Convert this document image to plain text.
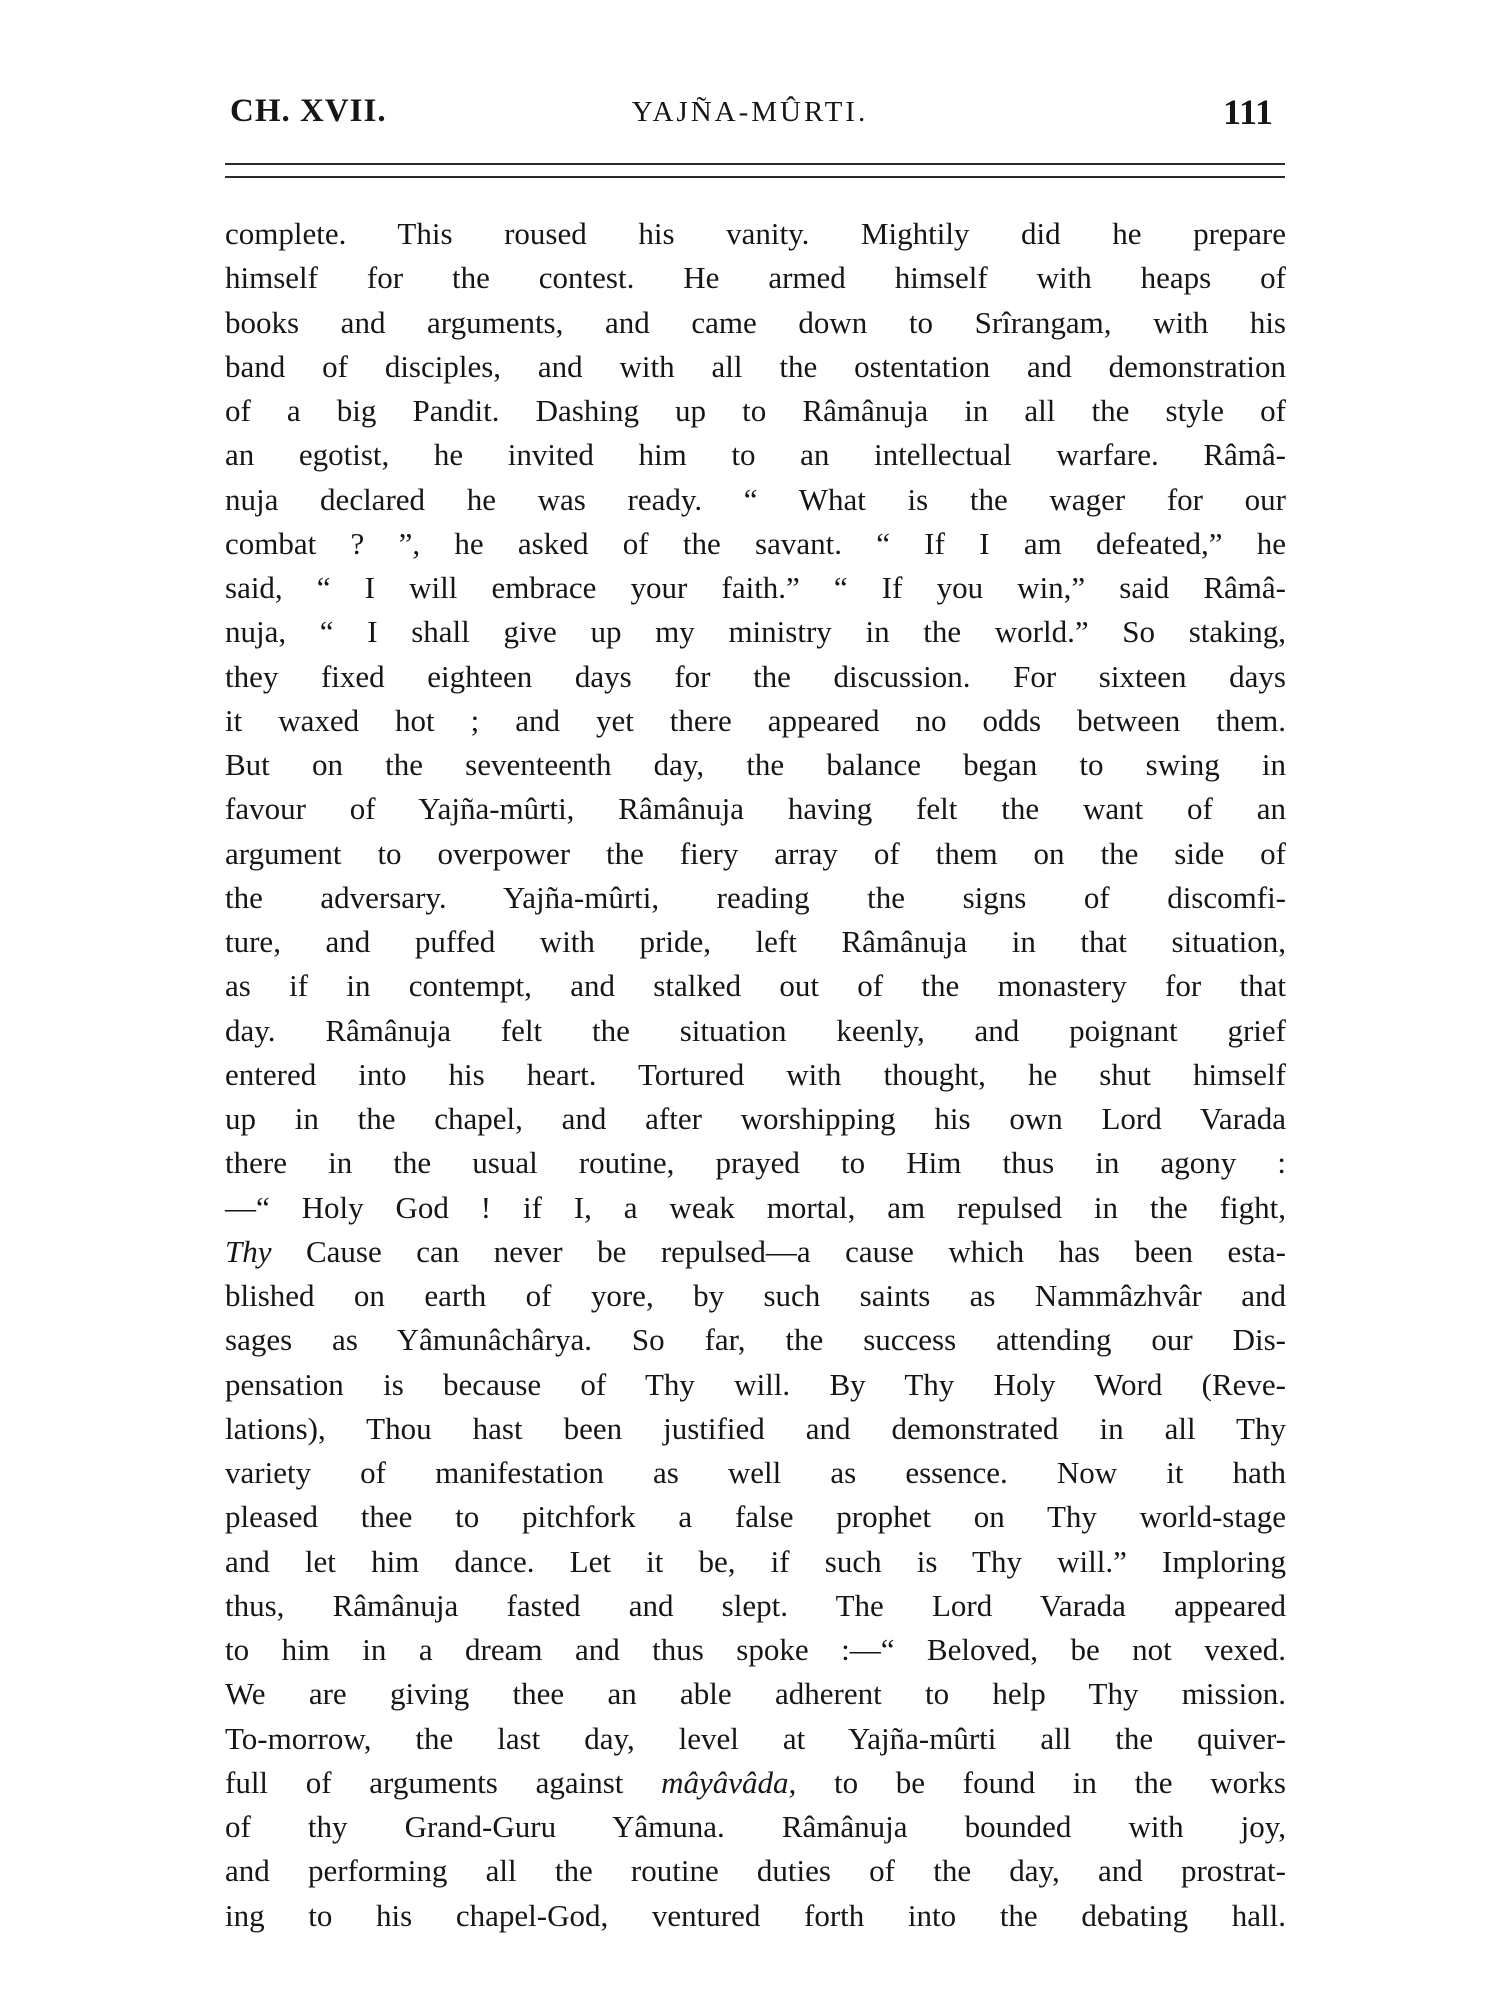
CH. XVII.	YAJÑA-MÛRTI.	111
complete. This roused his vanity. Mightily did he prepare
himself for the contest. He armed himself with heaps of
books and arguments, and came down to Srîrangam, with his
band of disciples, and with all the ostentation and demonstration
of a big Pandit. Dashing up to Râmânuja in all the style of
an egotist, he invited him to an intellectual warfare. Râmâ-
nuja declared he was ready. “ What is the wager for our
combat ? ”, he asked of the savant. “ If I am defeated,” he
said, “ I will embrace your faith.” “ If you win,” said Râmâ-
nuja, “ I shall give up my ministry in the world.” So staking,
they fixed eighteen days for the discussion. For sixteen days
it waxed hot ; and yet there appeared no odds between them.
But on the seventeenth day, the balance began to swing in
favour of Yajña-mûrti, Râmânuja having felt the want of an
argument to overpower the fiery array of them on the side of
the adversary. Yajña-mûrti, reading the signs of discomfi-
ture, and puffed with pride, left Râmânuja in that situation,
as if in contempt, and stalked out of the monastery for that
day. Râmânuja felt the situation keenly, and poignant grief
entered into his heart. Tortured with thought, he shut himself
up in the chapel, and after worshipping his own Lord Varada
there in the usual routine, prayed to Him thus in agony :
—“ Holy God ! if I, a weak mortal, am repulsed in the fight,
Thy Cause can never be repulsed—a cause which has been esta-
blished on earth of yore, by such saints as Nammâzhvâr and
sages as Yâmunâchârya. So far, the success attending our Dis-
pensation is because of Thy will. By Thy Holy Word (Reve-
lations), Thou hast been justified and demonstrated in all Thy
variety of manifestation as well as essence. Now it hath
pleased thee to pitchfork a false prophet on Thy world-stage
and let him dance. Let it be, if such is Thy will.” Imploring
thus, Râmânuja fasted and slept. The Lord Varada appeared
to him in a dream and thus spoke :—“ Beloved, be not vexed.
We are giving thee an able adherent to help Thy mission.
To-morrow, the last day, level at Yajña-mûrti all the quiver-
full of arguments against mâyâvâda, to be found in the works
of thy Grand-Guru Yâmuna. Râmânuja bounded with joy,
and performing all the routine duties of the day, and prostrat-
ing to his chapel-God, ventured forth into the debating hall.
